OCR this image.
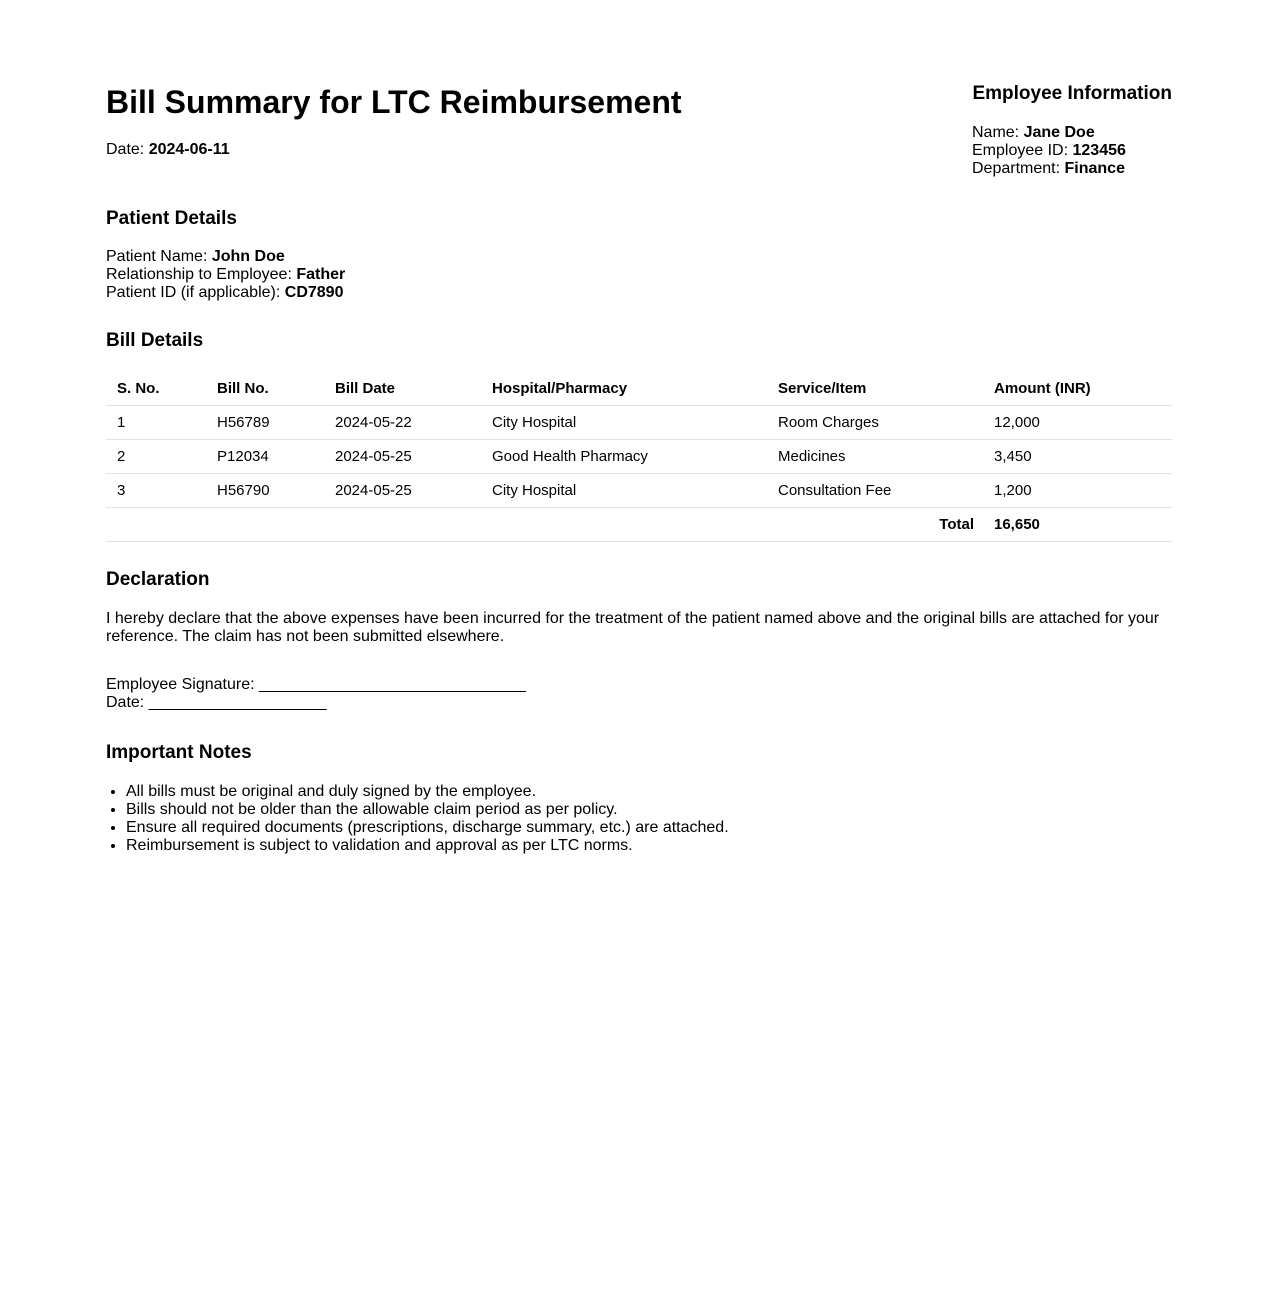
Bill Summary for LTC Reimbursement
Date: 2024-06-11
Employee Information
Name: Jane Doe
Employee ID: 123456
Department: Finance
Patient Details
Patient Name: John Doe
Relationship to Employee: Father
Patient ID (if applicable): CD7890
Bill Details
S. No.	Bill No.	Bill Date	Hospital/Pharmacy	Service/Item	Amount (INR)
1	H56789	2024-05-22	City Hospital	Room Charges	12,000
2	P12034	2024-05-25	Good Health Pharmacy	Medicines	3,450
3	H56790	2024-05-25	City Hospital	Consultation Fee	1,200
Total					16,650
Declaration
I hereby declare that the above expenses have been incurred for the treatment of the patient named above and the original bills are attached for your reference. The claim has not been submitted elsewhere.
Employee Signature: ______________________________
Date: ____________________
Important Notes
• All bills must be original and duly signed by the employee.
• Bills should not be older than the allowable claim period as per policy.
• Ensure all required documents (prescriptions, discharge summary, etc.) are attached.
• Reimbursement is subject to validation and approval as per LTC norms.
